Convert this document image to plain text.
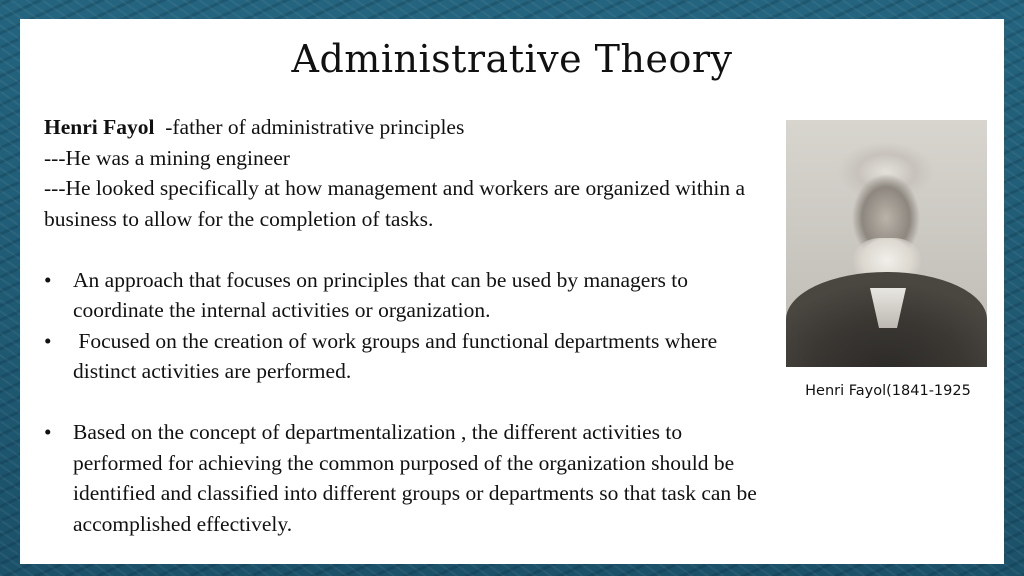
Administrative Theory

Henri Fayol  -father of administrative principles

---He was a mining engineer

---He looked specifically at how management and workers are organized within a business to allow for the completion of tasks.

• An approach that focuses on principles that can be used by managers to coordinate the internal activities or organization.
• Focused on the creation of work groups and functional departments where distinct activities are performed.
• Based on the concept of departmentalization , the different activities to performed for achieving the common purposed of the organization should be identified and classified into different groups or departments so that task can be accomplished effectively.
Henri Fayol(1841-1925
